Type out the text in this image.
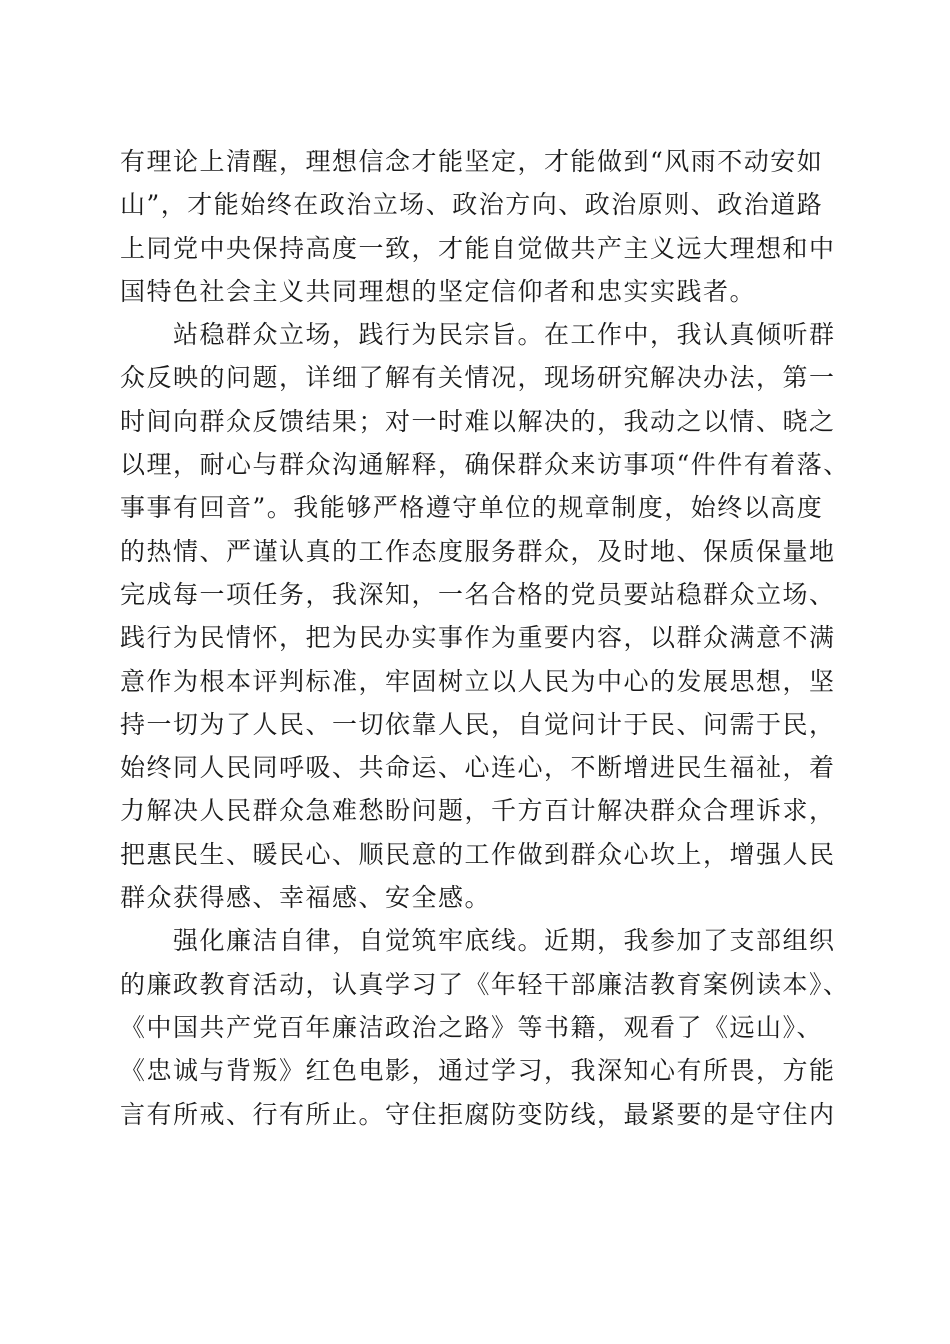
有理论上清醒，理想信念才能坚定，才能做到“风雨不动安如
山”，才能始终在政治立场、政治方向、政治原则、政治道路
上同党中央保持高度一致，才能自觉做共产主义远大理想和中
国特色社会主义共同理想的坚定信仰者和忠实实践者。
站稳群众立场，践行为民宗旨。在工作中，我认真倾听群
众反映的问题，详细了解有关情况，现场研究解决办法，第一
时间向群众反馈结果；对一时难以解决的，我动之以情、晓之
以理，耐心与群众沟通解释，确保群众来访事项“件件有着落、
事事有回音”。我能够严格遵守单位的规章制度，始终以高度
的热情、严谨认真的工作态度服务群众，及时地、保质保量地
完成每一项任务，我深知，一名合格的党员要站稳群众立场、
践行为民情怀，把为民办实事作为重要内容，以群众满意不满
意作为根本评判标准，牢固树立以人民为中心的发展思想，坚
持一切为了人民、一切依靠人民，自觉问计于民、问需于民，
始终同人民同呼吸、共命运、心连心，不断增进民生福祉，着
力解决人民群众急难愁盼问题，千方百计解决群众合理诉求，
把惠民生、暖民心、顺民意的工作做到群众心坎上，增强人民
群众获得感、幸福感、安全感。
强化廉洁自律，自觉筑牢底线。近期，我参加了支部组织
的廉政教育活动，认真学习了《年轻干部廉洁教育案例读本》、
《中国共产党百年廉洁政治之路》等书籍，观看了《远山》、
《忠诚与背叛》红色电影，通过学习，我深知心有所畏，方能
言有所戒、行有所止。守住拒腐防变防线，最紧要的是守住内
